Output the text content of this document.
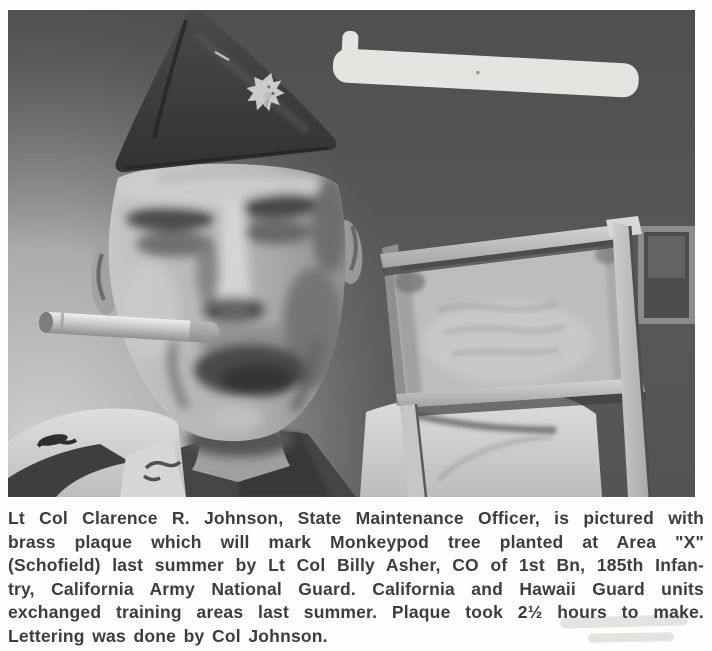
Lt Col Clarence R. Johnson, State Maintenance Officer, is pictured with
brass plaque which will mark Monkeypod tree planted at Area "X"
(Schofield) last summer by Lt Col Billy Asher, CO of 1st Bn, 185th Infan-
try, California Army National Guard. California and Hawaii Guard units
exchanged training areas last summer. Plaque took 2½ hours to make.
Lettering was done by Col Johnson.
